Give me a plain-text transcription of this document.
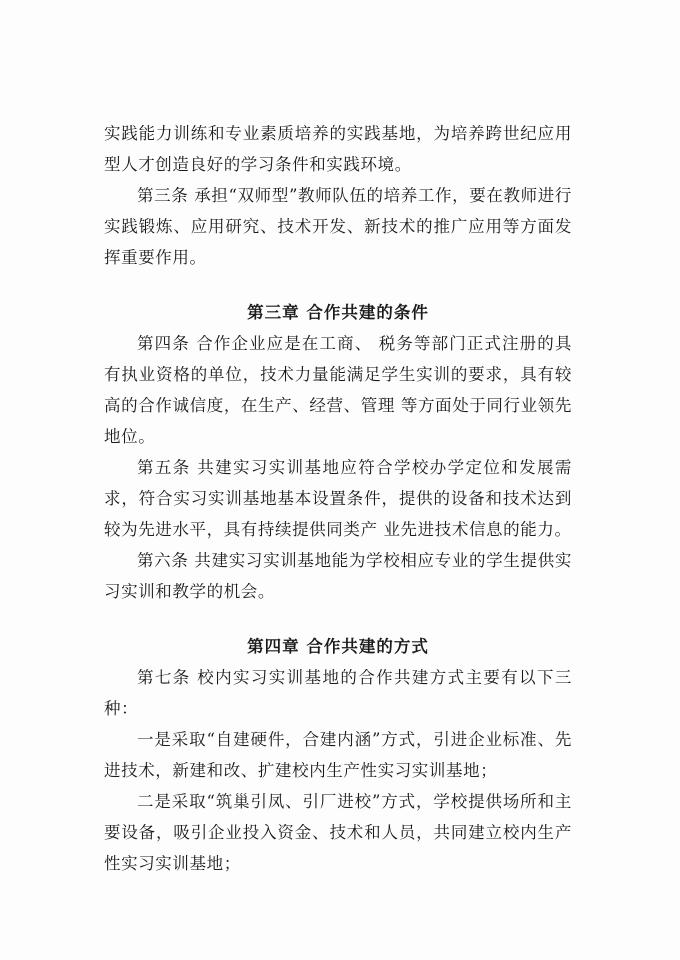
实践能力训练和专业素质培养的实践基地，为培养跨世纪应用型人才创造良好的学习条件和实践环境。

第三条 承担“双师型”教师队伍的培养工作，要在教师进行实践锻炼、应用研究、技术开发、新技术的推广应用等方面发挥重要作用。

第三章 合作共建的条件

第四条 合作企业应是在工商、 税务等部门正式注册的具有执业资格的单位，技术力量能满足学生实训的要求，具有较高的合作诚信度，在生产、经营、管理 等方面处于同行业领先地位。

第五条 共建实习实训基地应符合学校办学定位和发展需求，符合实习实训基地基本设置条件，提供的设备和技术达到较为先进水平，具有持续提供同类产 业先进技术信息的能力。

第六条 共建实习实训基地能为学校相应专业的学生提供实习实训和教学的机会。

第四章 合作共建的方式

第七条 校内实习实训基地的合作共建方式主要有以下三种：

一是采取“自建硬件，合建内涵”方式，引进企业标准、先进技术，新建和改、扩建校内生产性实习实训基地；

二是采取“筑巢引凤、引厂进校”方式，学校提供场所和主要设备，吸引企业投入资金、技术和人员，共同建立校内生产性实习实训基地；
